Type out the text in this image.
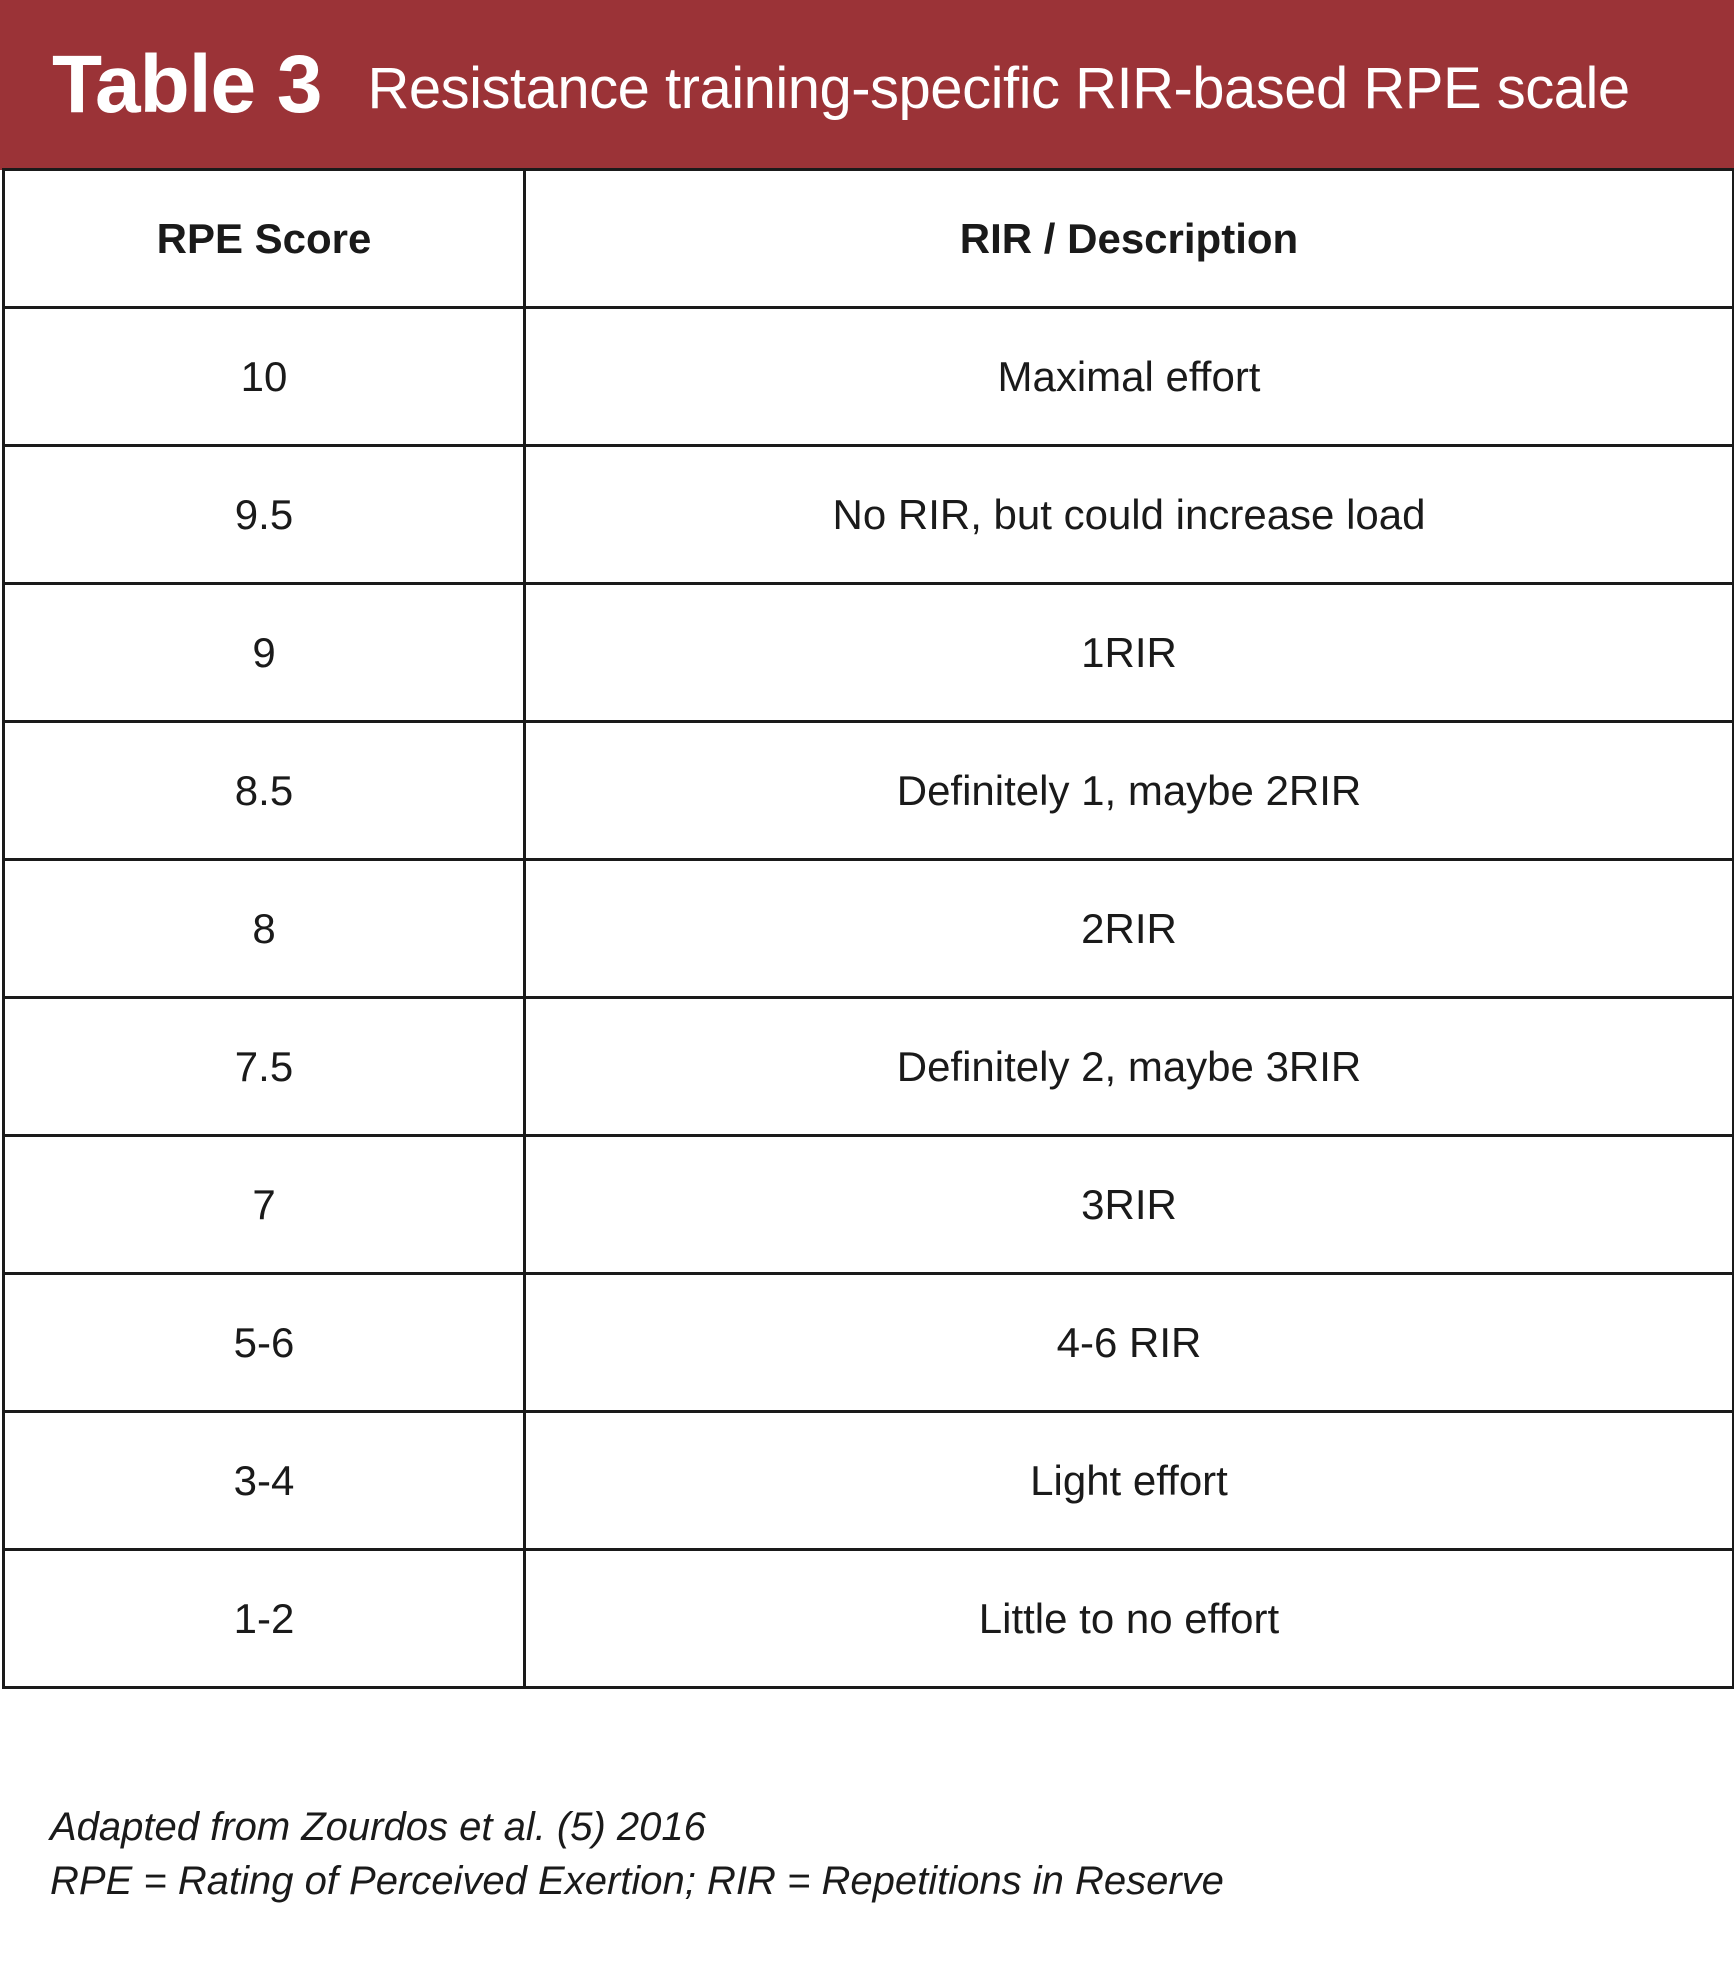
Table 3 Resistance training-specific RIR-based RPE scale
RPE Score	RIR / Description
10	Maximal effort
9.5	No RIR, but could increase load
9	1RIR
8.5	Definitely 1, maybe 2RIR
8	2RIR
7.5	Definitely 2, maybe 3RIR
7	3RIR
5-6	4-6 RIR
3-4	Light effort
1-2	Little to no effort
Adapted from Zourdos et al. (5) 2016
RPE = Rating of Perceived Exertion; RIR = Repetitions in Reserve
